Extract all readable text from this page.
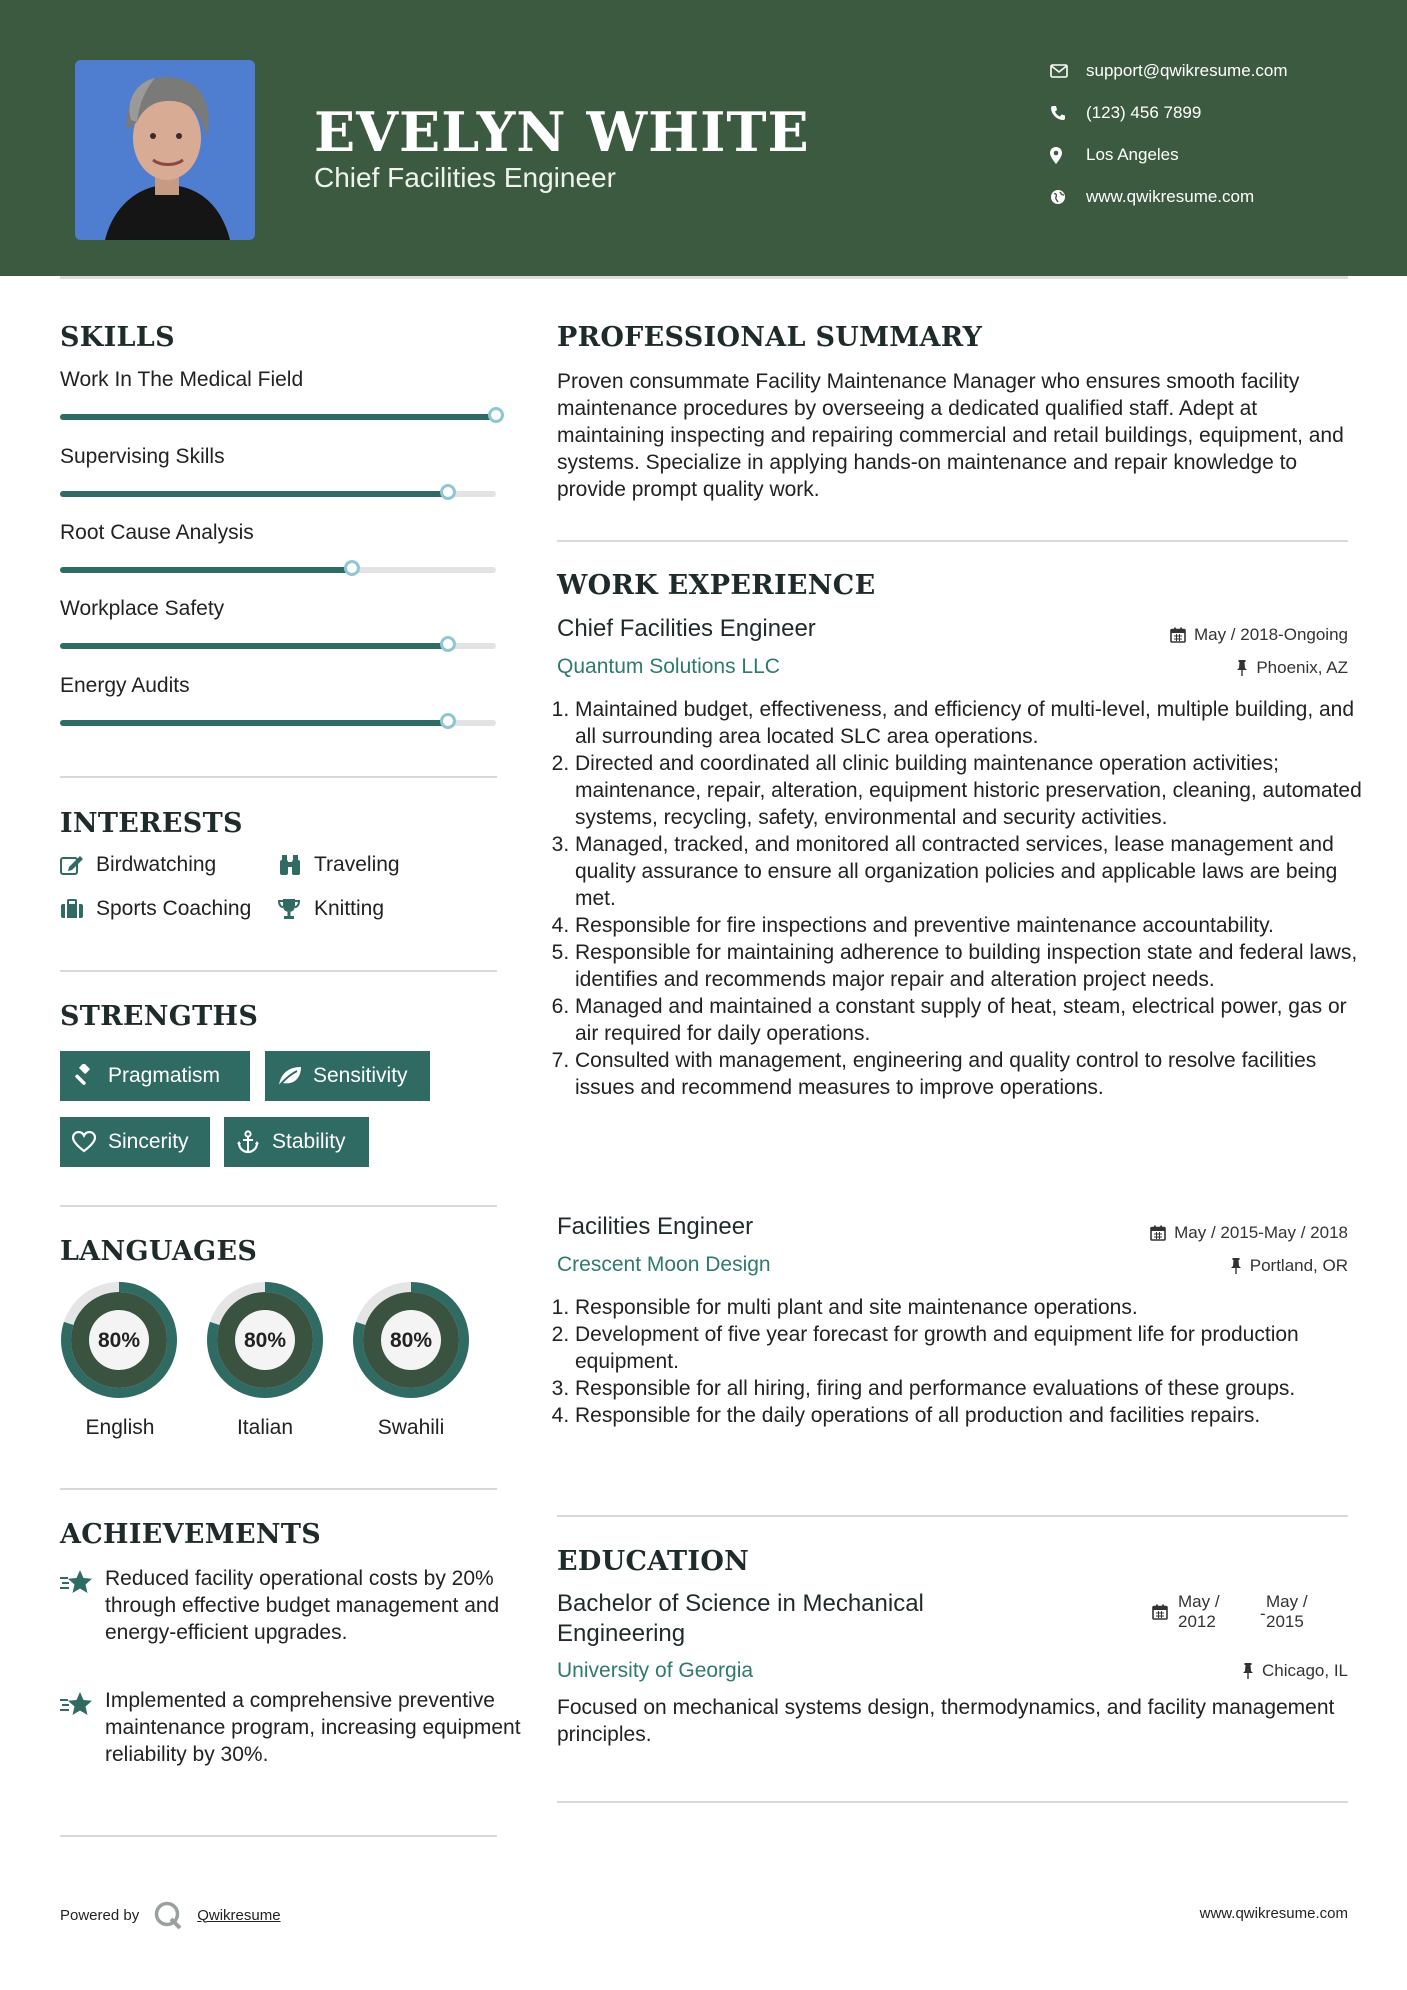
EVELYN WHITE
Chief Facilities Engineer
support@qwikresume.com
(123) 456 7899
Los Angeles
www.qwikresume.com
SKILLS
Work In The Medical Field
Supervising Skills
Root Cause Analysis
Workplace Safety
Energy Audits
INTERESTS
Birdwatching	Traveling
Sports Coaching	Knitting
STRENGTHS
Pragmatism	Sensitivity
Sincerity	Stability
LANGUAGES
80%
English
80%
Italian
80%
Swahili
ACHIEVEMENTS
Reduced facility operational costs by 20% through effective budget management and energy-efficient upgrades.
Implemented a comprehensive preventive maintenance program, increasing equipment reliability by 30%.
PROFESSIONAL SUMMARY
Proven consummate Facility Maintenance Manager who ensures smooth facility maintenance procedures by overseeing a dedicated qualified staff. Adept at maintaining inspecting and repairing commercial and retail buildings, equipment, and systems. Specialize in applying hands-on maintenance and repair knowledge to provide prompt quality work.
WORK EXPERIENCE
Chief Facilities Engineer	May / 2018-Ongoing
Quantum Solutions LLC	Phoenix, AZ
1. Maintained budget, effectiveness, and efficiency of multi-level, multiple building, and all surrounding area located SLC area operations.
2. Directed and coordinated all clinic building maintenance operation activities; maintenance, repair, alteration, equipment historic preservation, cleaning, automated systems, recycling, safety, environmental and security activities.
3. Managed, tracked, and monitored all contracted services, lease management and quality assurance to ensure all organization policies and applicable laws are being met.
4. Responsible for fire inspections and preventive maintenance accountability.
5. Responsible for maintaining adherence to building inspection state and federal laws, identifies and recommends major repair and alteration project needs.
6. Managed and maintained a constant supply of heat, steam, electrical power, gas or air required for daily operations.
7. Consulted with management, engineering and quality control to resolve facilities issues and recommend measures to improve operations.
Facilities Engineer	May / 2015-May / 2018
Crescent Moon Design	Portland, OR
1. Responsible for multi plant and site maintenance operations.
2. Development of five year forecast for growth and equipment life for production equipment.
3. Responsible for all hiring, firing and performance evaluations of these groups.
4. Responsible for the daily operations of all production and facilities repairs.
EDUCATION
Bachelor of Science in Mechanical
Engineering
May /
2012	-
May /
2015
University of Georgia	Chicago, IL
Focused on mechanical systems design, thermodynamics, and facility management principles.
Powered by	Qwikresume	www.qwikresume.com
